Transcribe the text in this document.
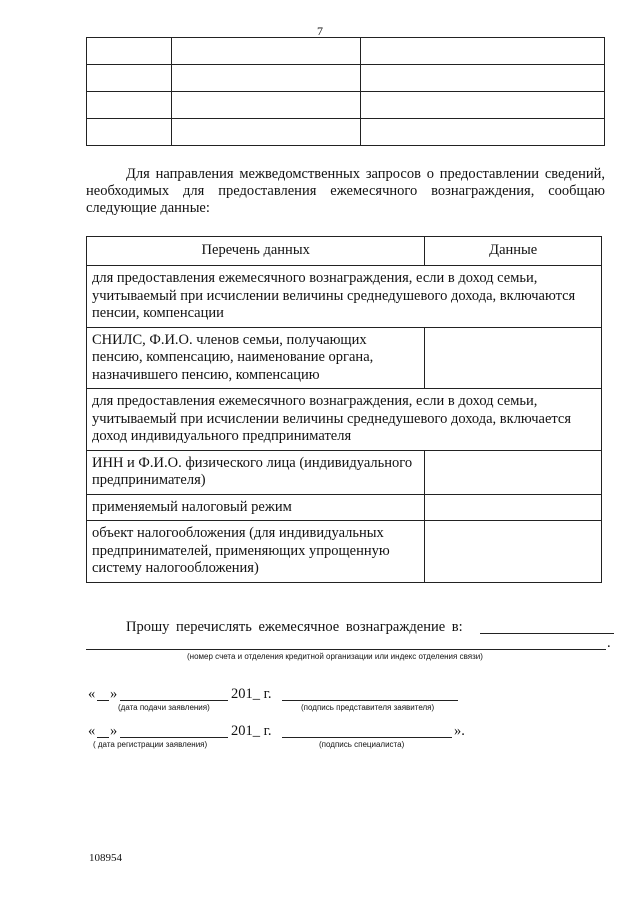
7

Для направления межведомственных запросов о предоставлении сведений, необходимых для предоставления ежемесячного вознаграждения, сообщаю следующие данные:
Перечень данных	Данные
для предоставления ежемесячного вознаграждения, если в доход семьи, учитываемый при исчислении величины среднедушевого дохода, включаются пенсии, компенсации	
СНИЛС, Ф.И.О. членов семьи, получающих пенсию, компенсацию, наименование органа, назначившего пенсию, компенсацию	
для предоставления ежемесячного вознаграждения, если в доход семьи, учитываемый при исчислении величины среднедушевого дохода, включается доход индивидуального предпринимателя	
ИНН и Ф.И.О. физического лица (индивидуального предпринимателя)	
применяемый налоговый режим	
объект налогообложения (для индивидуальных предпринимателей, применяющих упрощенную систему налогообложения)	
Прошу перечислять ежемесячное вознаграждение в:
.
(номер счета и отделения кредитной организации или индекс отделения связи)
« »	201_ г.
(дата подачи заявления)	(подпись представителя заявителя)
« »	201_ г.	».
( дата регистрации заявления)	(подпись специалиста)
108954
